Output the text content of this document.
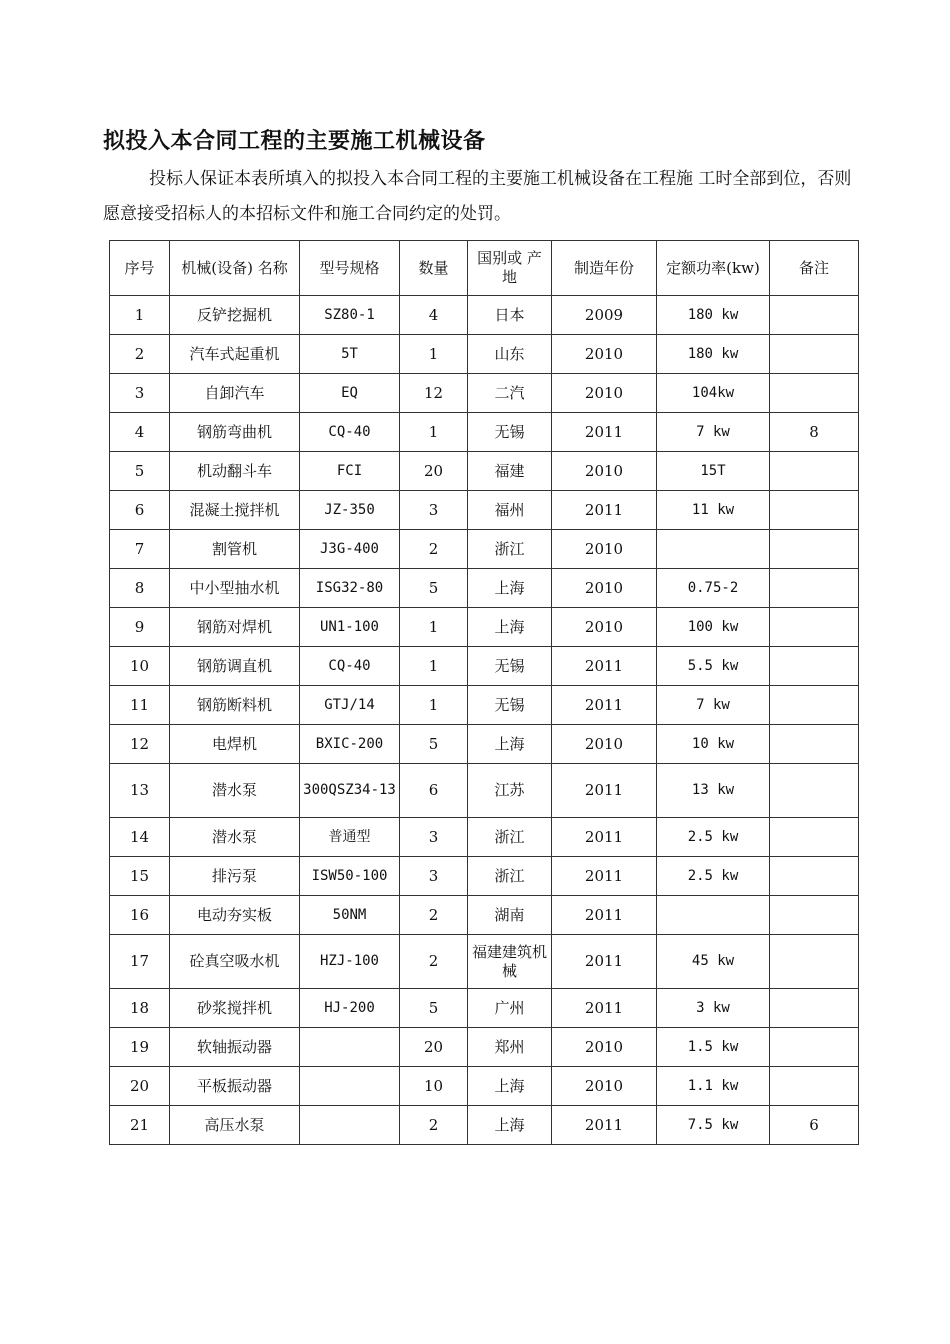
拟投入本合同工程的主要施工机械设备
投标人保证本表所填入的拟投入本合同工程的主要施工机械设备在工程施 工时全部到位，否则愿意接受招标人的本招标文件和施工合同约定的处罚。
序号	机械(设备) 名称	型号规格	数量	国别或 产地	制造年份	定额功率(kw)	备注
1	反铲挖掘机	SZ80-1	4	日本	2009	180 kw	
2	汽车式起重机	5T	1	山东	2010	180 kw	
3	自卸汽车	EQ	12	二汽	2010	104kw	
4	钢筋弯曲机	CQ-40	1	无锡	2011	7 kw	8
5	机动翻斗车	FCI	20	福建	2010	15T	
6	混凝土搅拌机	JZ-350	3	福州	2011	11 kw	
7	割管机	J3G-400	2	浙江	2010		
8	中小型抽水机	ISG32-80	5	上海	2010	0.75-2	
9	钢筋对焊机	UN1-100	1	上海	2010	100 kw	
10	钢筋调直机	CQ-40	1	无锡	2011	5.5 kw	
11	钢筋断料机	GTJ/14	1	无锡	2011	7 kw	
12	电焊机	BXIC-200	5	上海	2010	10 kw	
13	潜水泵	300QSZ34-13	6	江苏	2011	13 kw	
14	潜水泵	普通型	3	浙江	2011	2.5 kw	
15	排污泵	ISW50-100	3	浙江	2011	2.5 kw	
16	电动夯实板	50NM	2	湖南	2011		
17	砼真空吸水机	HZJ-100	2	福建建筑机械	2011	45 kw	
18	砂浆搅拌机	HJ-200	5	广州	2011	3 kw	
19	软轴振动器		20	郑州	2010	1.5 kw	
20	平板振动器		10	上海	2010	1.1 kw	
21	高压水泵		2	上海	2011	7.5 kw	6
